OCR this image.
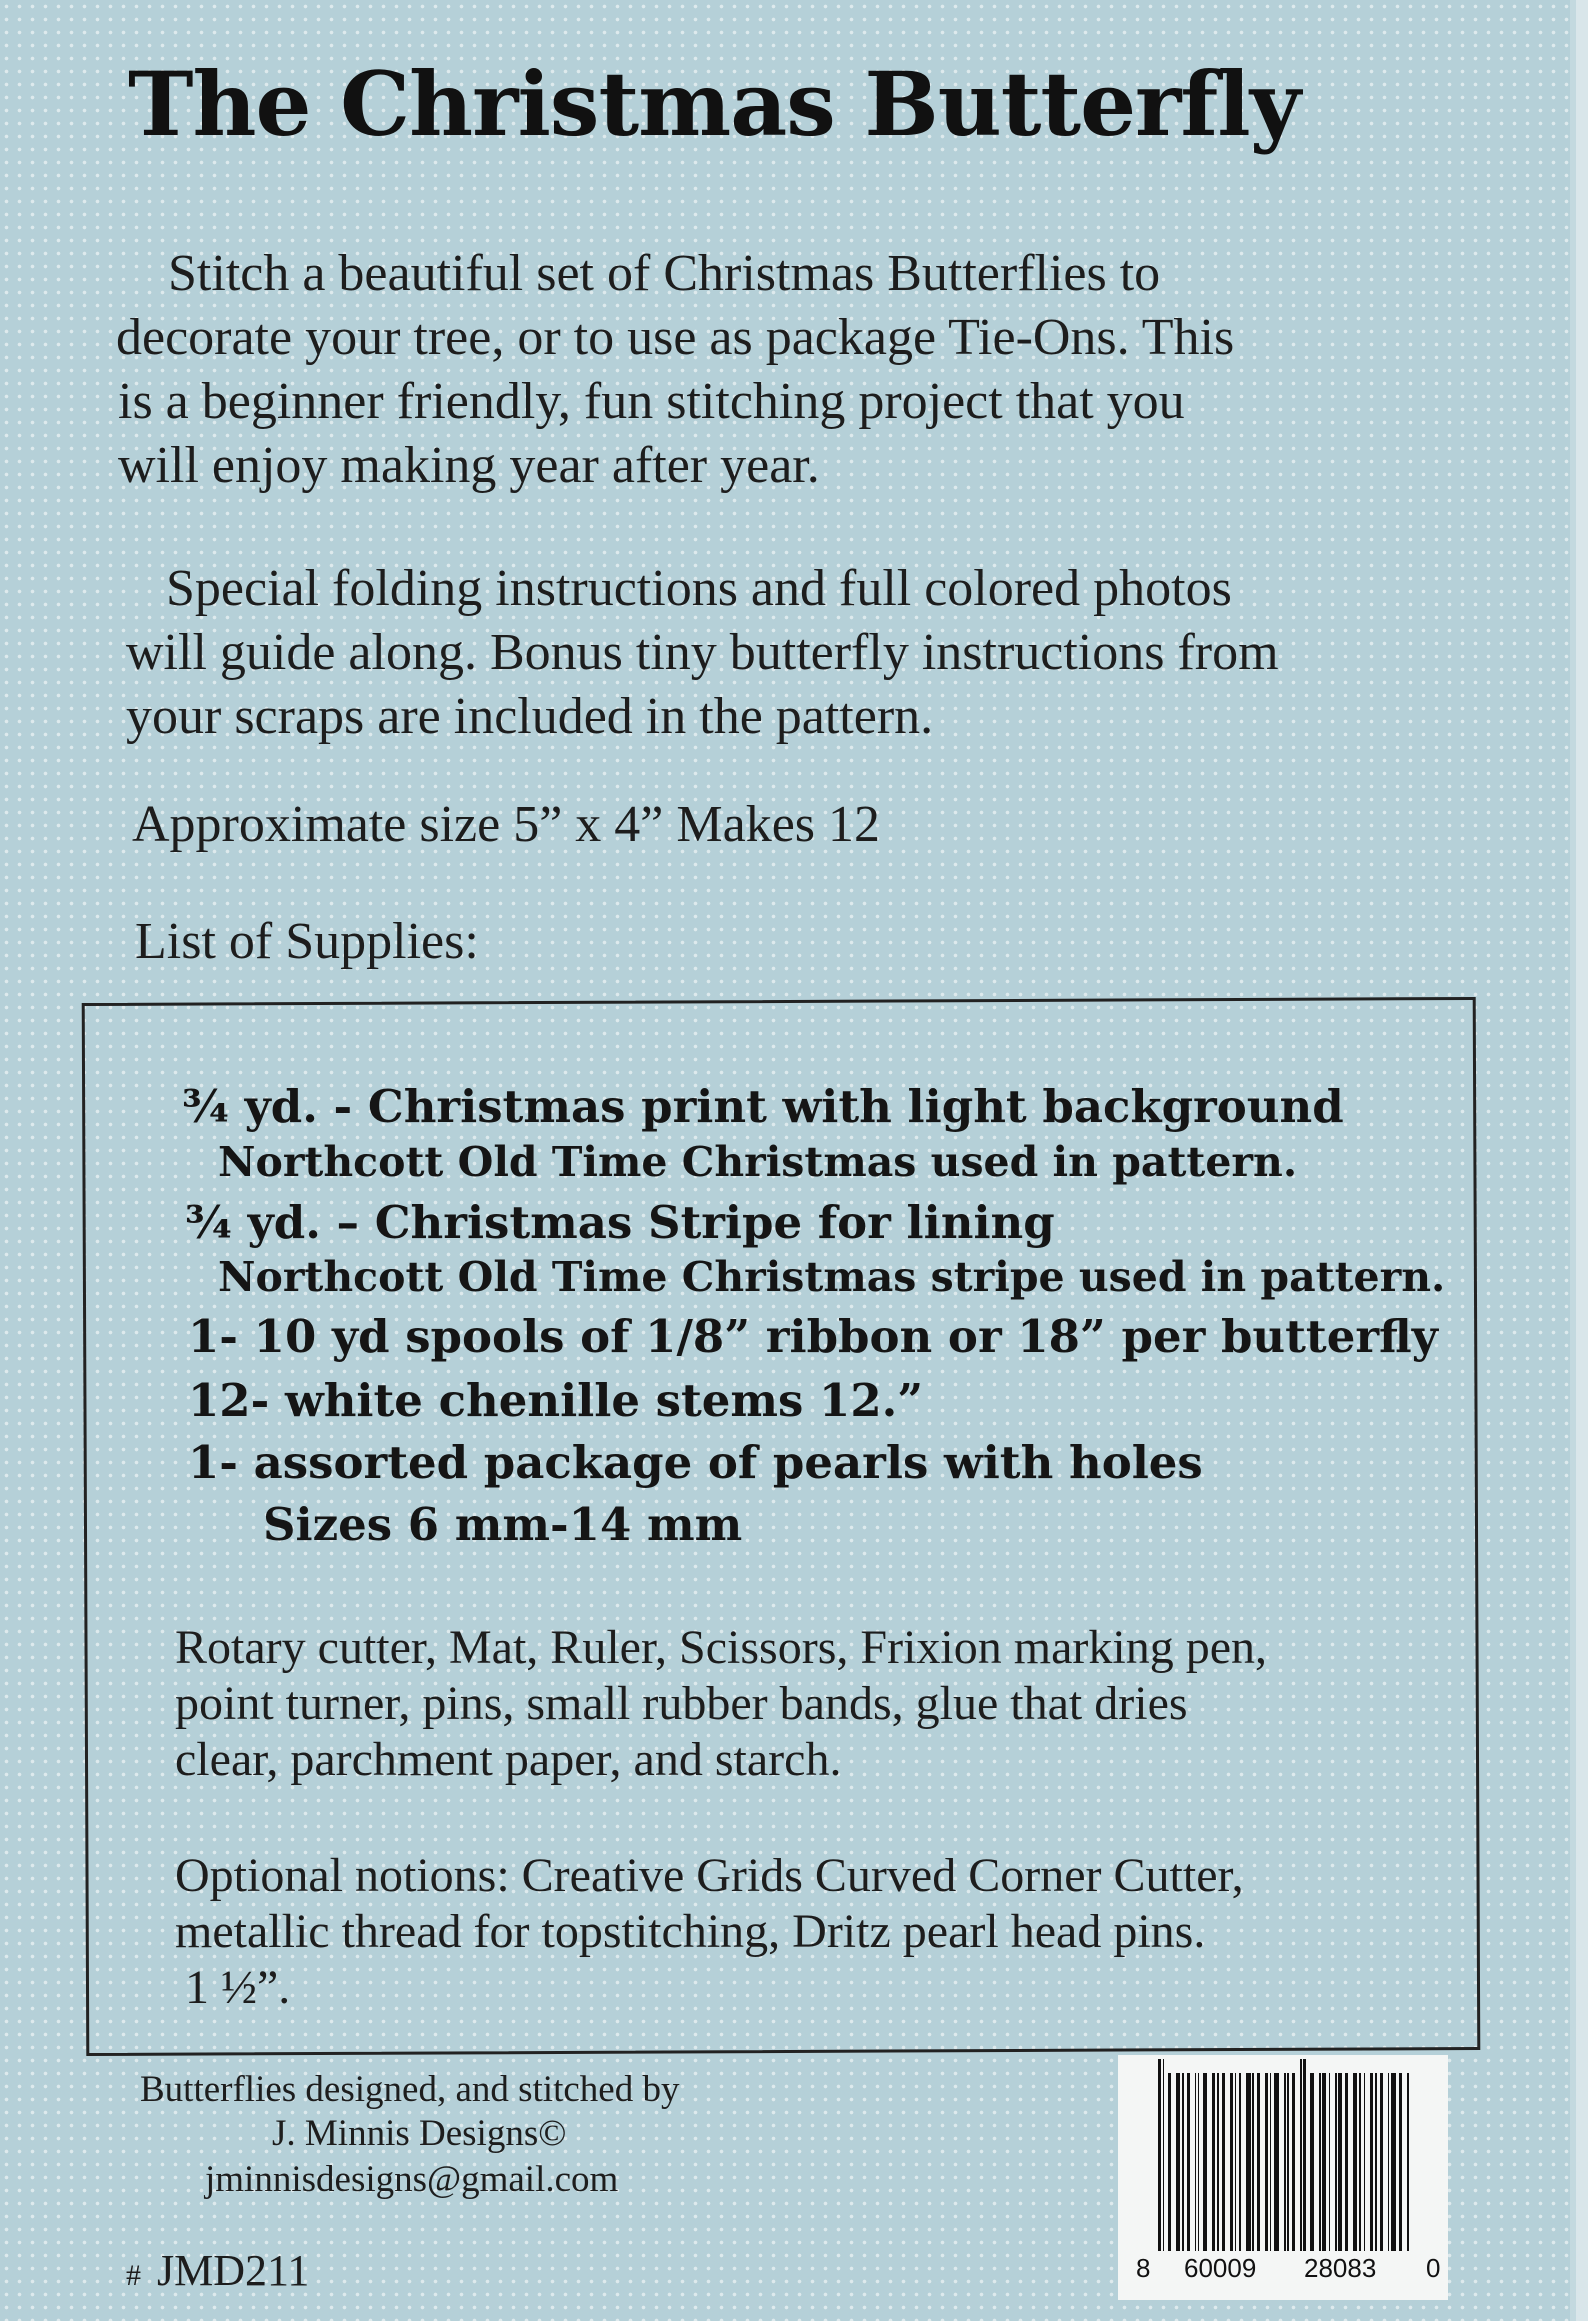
The Christmas Butterfly
Stitch a beautiful set of Christmas Butterflies to
decorate your tree, or to use as package Tie-Ons. This
is a beginner friendly, fun stitching project that you
will enjoy making year after year.
Special folding instructions and full colored photos
will guide along. Bonus tiny butterfly instructions from
your scraps are included in the pattern.
Approximate size 5” x 4” Makes 12
List of Supplies:
¾ yd. - Christmas print with light background
Northcott Old Time Christmas used in pattern.
¾ yd. – Christmas Stripe for lining
Northcott Old Time Christmas stripe used in pattern.
1- 10 yd spools of 1/8” ribbon or 18” per butterfly
12- white chenille stems 12.”
1- assorted package of pearls with holes
Sizes 6 mm-14 mm
Rotary cutter, Mat, Ruler, Scissors, Frixion marking pen,
point turner, pins, small rubber bands, glue that dries
clear, parchment paper, and starch.
Optional notions: Creative Grids Curved Corner Cutter,
metallic thread for topstitching, Dritz pearl head pins.
1 ½”.
Butterflies designed, and stitched by
J. Minnis Designs©
jminnisdesigns@gmail.com
# JMD211	8 60009 28083 0
